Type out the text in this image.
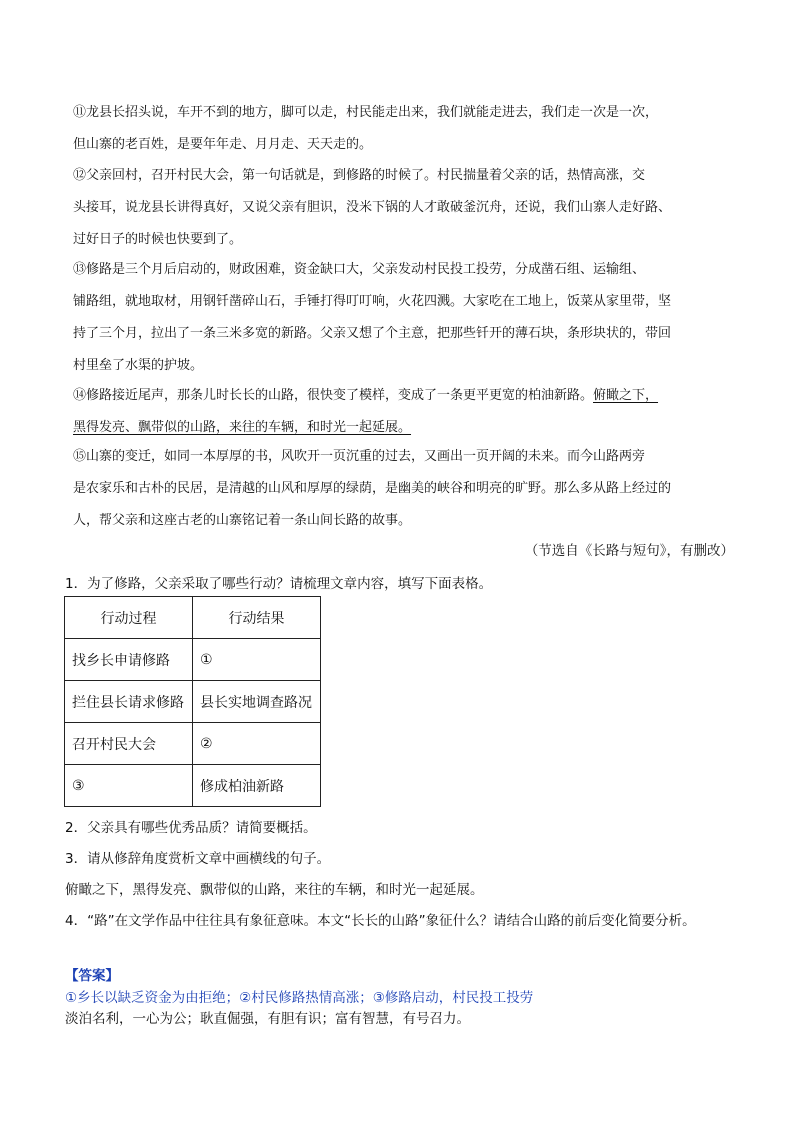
⑪龙县长招头说，车开不到的地方，脚可以走，村民能走出来，我们就能走进去，我们走一次是一次，
但山寨的老百姓，是要年年走、月月走、天天走的。
⑫父亲回村，召开村民大会，第一句话就是，到修路的时候了。村民揣量着父亲的话，热情高涨，交
头接耳，说龙县长讲得真好，又说父亲有胆识，没米下锅的人才敢破釜沉舟，还说，我们山寨人走好路、
过好日子的时候也快要到了。
⑬修路是三个月后启动的，财政困难，资金缺口大，父亲发动村民投工投劳，分成凿石组、运输组、
铺路组，就地取材，用钢钎凿碎山石，手锤打得叮叮响，火花四溅。大家吃在工地上，饭菜从家里带，坚
持了三个月，拉出了一条三米多宽的新路。父亲又想了个主意，把那些钎开的薄石块，条形块状的，带回
村里垒了水渠的护坡。
⑭修路接近尾声，那条儿时长长的山路，很快变了模样，变成了一条更平更宽的柏油新路。俯瞰之下，
黑得发亮、飘带似的山路，来往的车辆，和时光一起延展。
⑮山寨的变迁，如同一本厚厚的书，风吹开一页沉重的过去，又画出一页开阔的未来。而今山路两旁
是农家乐和古朴的民居，是清越的山风和厚厚的绿荫，是幽美的峡谷和明亮的旷野。那么多从路上经过的
人，帮父亲和这座古老的山寨铭记着一条山间长路的故事。
（节选自《长路与短句》，有删改）
1．为了修路，父亲采取了哪些行动？请梳理文章内容，填写下面表格。
行动过程	行动结果
找乡长申请修路	①
拦住县长请求修路	县长实地调查路况
召开村民大会	②
③	修成柏油新路
2．父亲具有哪些优秀品质？请简要概括。
3．请从修辞角度赏析文章中画横线的句子。
俯瞰之下，黑得发亮、飘带似的山路，来往的车辆，和时光一起延展。
4．“路”在文学作品中往往具有象征意味。本文“长长的山路”象征什么？请结合山路的前后变化简要分析。
【答案】
①乡长以缺乏资金为由拒绝；②村民修路热情高涨；③修路启动，村民投工投劳
淡泊名利，一心为公；耿直倔强，有胆有识；富有智慧，有号召力。
